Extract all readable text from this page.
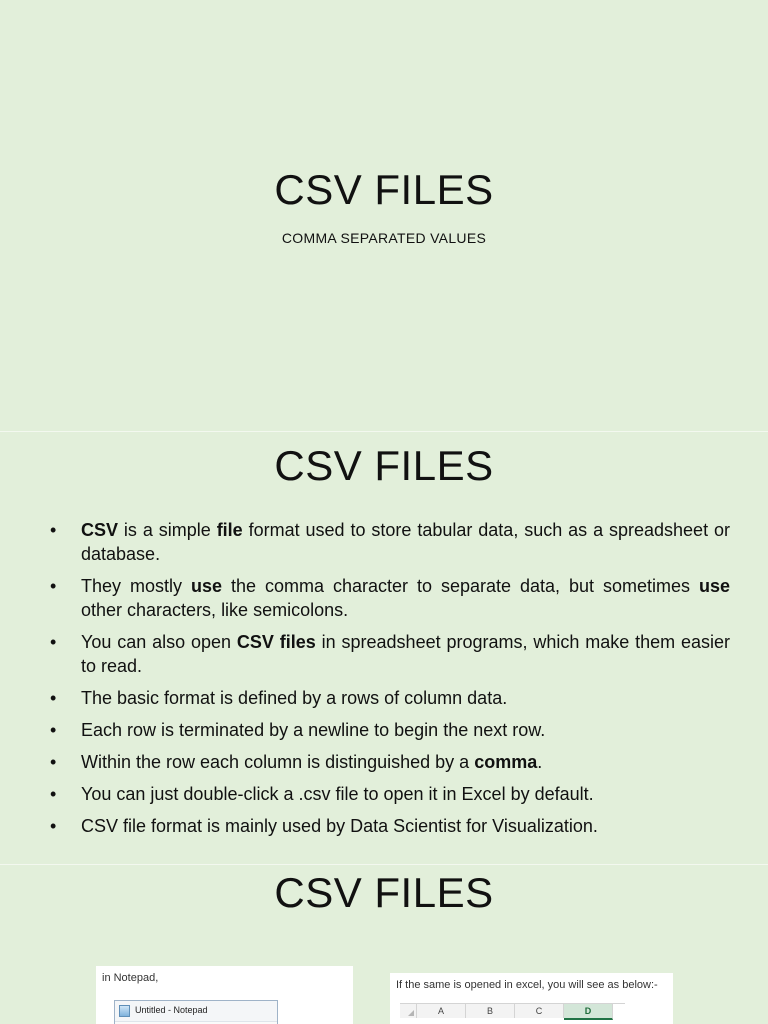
CSV FILES

COMMA SEPARATED VALUES

CSV FILES
• CSV is a simple file format used to store tabular data, such as a spreadsheet or database.
• They mostly use the comma character to separate data, but sometimes use other characters, like semicolons.
• You can also open CSV files in spreadsheet programs, which make them easier to read.
• The basic format is defined by a rows of column data.
• Each row is terminated by a newline to begin the next row.
• Within the row each column is distinguished by a comma.
• You can just double-click a .csv file to open it in Excel by default.
• CSV file format is mainly used by Data Scientist for Visualization.
CSV FILES
in Notepad,
Untitled - Notepad
If the same is opened in excel, you will see as below:-
A	B	C	D
